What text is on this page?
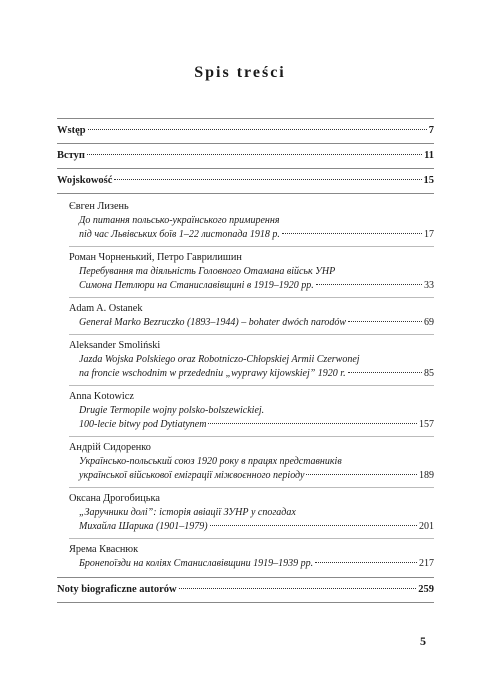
Spis treści
Wstęp	7
Вступ	11
Wojskowość	15
Євген Лизень
До питання польсько-українського примирення
під час Львівських боїв 1–22 листопада 1918 р.	17
Роман Чорненький, Петро Гаврилишин
Перебування та діяльність Головного Отамана військ УНР
Симона Петлюри на Станиславівщині в 1919–1920 рр.	33
Adam A. Ostanek
Generał Marko Bezruczko (1893–1944) – bohater dwóch narodów	69
Aleksander Smoliński
Jazda Wojska Polskiego oraz Robotniczo-Chłopskiej Armii Czerwonej
na froncie wschodnim w przededniu „wyprawy kijowskiej” 1920 r.	85
Anna Kotowicz
Drugie Termopile wojny polsko-bolszewickiej.
100-lecie bitwy pod Dytiatynem	157
Андрій Сидоренко
Українсько-польський союз 1920 року в працях представників
української військової еміграції міжвоєнного періоду	189
Оксана Дрогобицька
„Заручники долі”: історія авіації ЗУНР у спогадах
Михайла Шарика (1901–1979)	201
Ярема Кваснюк
Бронепоїзди на коліях Станиславівщини 1919–1939 рр.	217
Noty biograficzne autorów	259
5
